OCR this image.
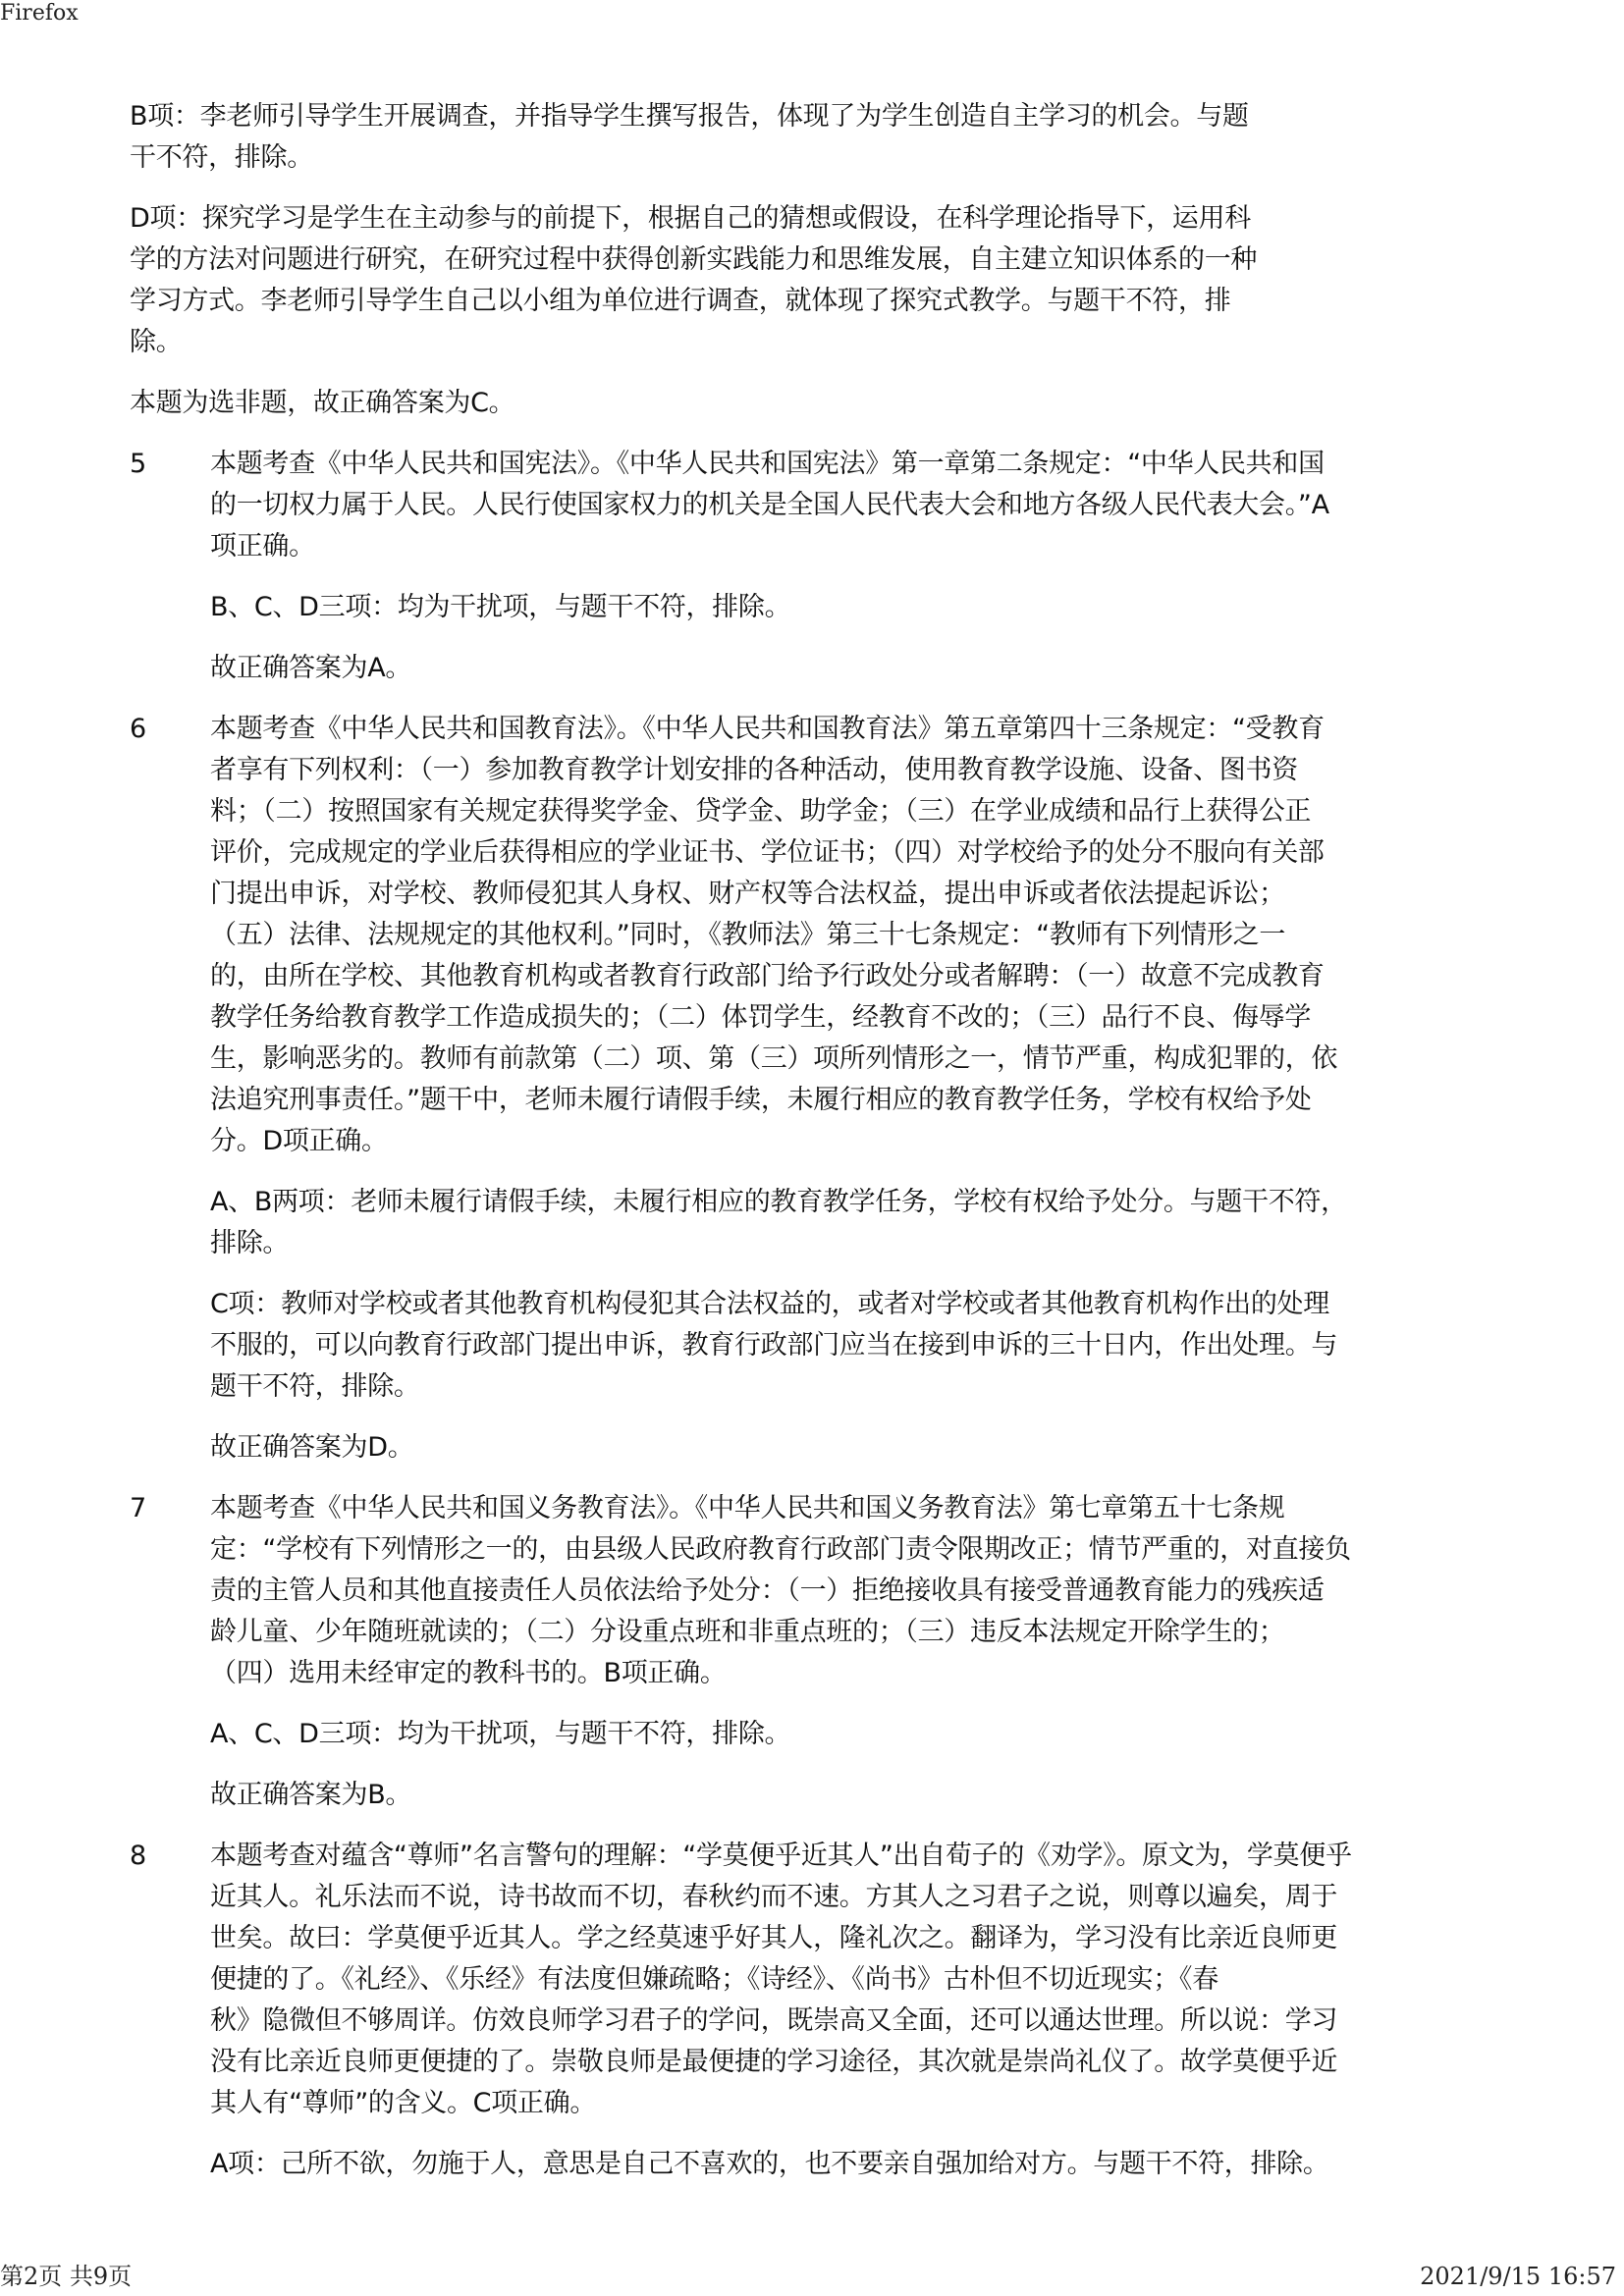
Firefox

B项：李老师引导学生开展调查，并指导学生撰写报告，体现了为学生创造自主学习的机会。与题
干不符，排除。

D项：探究学习是学生在主动参与的前提下，根据自己的猜想或假设，在科学理论指导下，运用科
学的方法对问题进行研究，在研究过程中获得创新实践能力和思维发展，自主建立知识体系的一种
学习方式。李老师引导学生自己以小组为单位进行调查，就体现了探究式教学。与题干不符，排
除。

本题为选非题，故正确答案为C。

5 本题考查《中华人民共和国宪法》。《中华人民共和国宪法》第一章第二条规定：“中华人民共和国
的一切权力属于人民。人民行使国家权力的机关是全国人民代表大会和地方各级人民代表大会。”A
项正确。

B、C、D三项：均为干扰项，与题干不符，排除。

故正确答案为A。

6 本题考查《中华人民共和国教育法》。《中华人民共和国教育法》第五章第四十三条规定：“受教育
者享有下列权利：（一）参加教育教学计划安排的各种活动，使用教育教学设施、设备、图书资
料；（二）按照国家有关规定获得奖学金、贷学金、助学金；（三）在学业成绩和品行上获得公正
评价，完成规定的学业后获得相应的学业证书、学位证书；（四）对学校给予的处分不服向有关部
门提出申诉，对学校、教师侵犯其人身权、财产权等合法权益，提出申诉或者依法提起诉讼；
（五）法律、法规规定的其他权利。”同时，《教师法》第三十七条规定：“教师有下列情形之一
的，由所在学校、其他教育机构或者教育行政部门给予行政处分或者解聘：（一）故意不完成教育
教学任务给教育教学工作造成损失的；（二）体罚学生，经教育不改的；（三）品行不良、侮辱学
生，影响恶劣的。教师有前款第（二）项、第（三）项所列情形之一，情节严重，构成犯罪的，依
法追究刑事责任。”题干中，老师未履行请假手续，未履行相应的教育教学任务，学校有权给予处
分。D项正确。

A、B两项：老师未履行请假手续，未履行相应的教育教学任务，学校有权给予处分。与题干不符，
排除。

C项：教师对学校或者其他教育机构侵犯其合法权益的，或者对学校或者其他教育机构作出的处理
不服的，可以向教育行政部门提出申诉，教育行政部门应当在接到申诉的三十日内，作出处理。与
题干不符，排除。

故正确答案为D。

7 本题考查《中华人民共和国义务教育法》。《中华人民共和国义务教育法》第七章第五十七条规
定：“学校有下列情形之一的，由县级人民政府教育行政部门责令限期改正；情节严重的，对直接负
责的主管人员和其他直接责任人员依法给予处分：（一）拒绝接收具有接受普通教育能力的残疾适
龄儿童、少年随班就读的；（二）分设重点班和非重点班的；（三）违反本法规定开除学生的；
（四）选用未经审定的教科书的。B项正确。

A、C、D三项：均为干扰项，与题干不符，排除。

故正确答案为B。

8 本题考查对蕴含“尊师”名言警句的理解：“学莫便乎近其人”出自荀子的《劝学》。原文为，学莫便乎
近其人。礼乐法而不说，诗书故而不切，春秋约而不速。方其人之习君子之说，则尊以遍矣，周于
世矣。故曰：学莫便乎近其人。学之经莫速乎好其人，隆礼次之。翻译为，学习没有比亲近良师更
便捷的了。《礼经》、《乐经》有法度但嫌疏略；《诗经》、《尚书》古朴但不切近现实；《春
秋》隐微但不够周详。仿效良师学习君子的学问，既崇高又全面，还可以通达世理。所以说：学习
没有比亲近良师更便捷的了。崇敬良师是最便捷的学习途径，其次就是崇尚礼仪了。故学莫便乎近
其人有“尊师”的含义。C项正确。

A项：己所不欲，勿施于人，意思是自己不喜欢的，也不要亲自强加给对方。与题干不符，排除。

第2页 共9页	2021/9/15 16:57
